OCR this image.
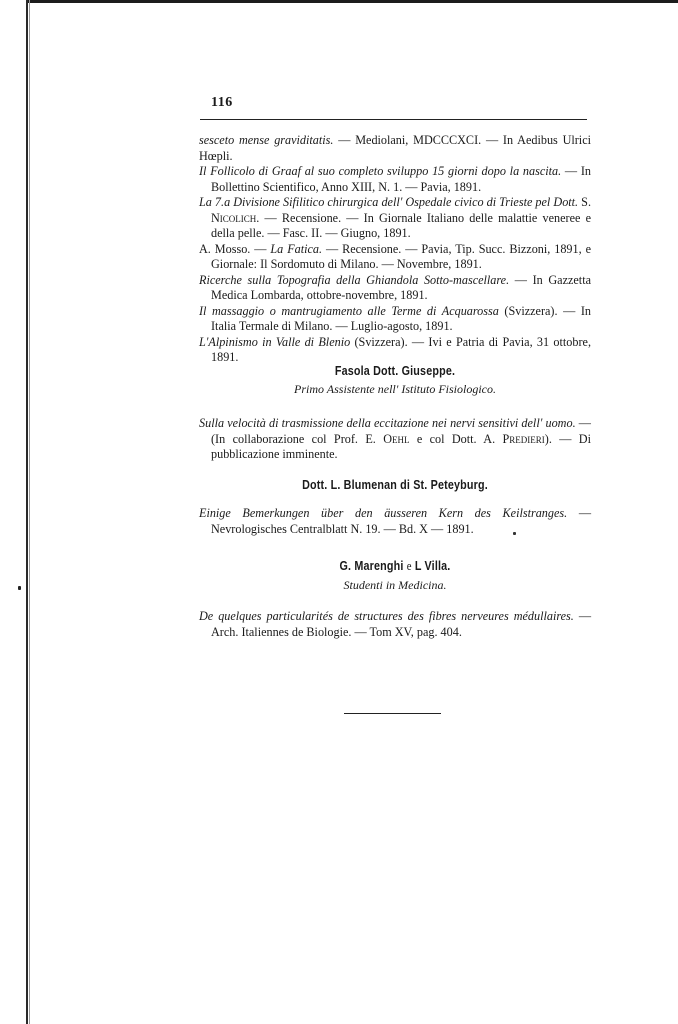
116

sesceto mense graviditatis. — Mediolani, MDCCCXCI. — In Aedibus Ulrici Hœpli.

Il Follicolo di Graaf al suo completo sviluppo 15 giorni dopo la nascita. — In Bollettino Scientifico, Anno XIII, N. 1. — Pavia, 1891.

La 7.a Divisione Sifilitico chirurgica dell' Ospedale civico di Trieste pel Dott. S. Nicolich. — Recensione. — In Giornale Italiano delle malattie veneree e della pelle. — Fasc. II. — Giugno, 1891.

A. Mosso. — La Fatica. — Recensione. — Pavia, Tip. Succ. Bizzoni, 1891, e Giornale: Il Sordomuto di Milano. — Novembre, 1891.

Ricerche sulla Topografia della Ghiandola Sotto-mascellare. — In Gazzetta Medica Lombarda, ottobre-novembre, 1891.

Il massaggio o mantrugiamento alle Terme di Acquarossa (Svizzera). — In Italia Termale di Milano. — Luglio-agosto, 1891.

L'Alpinismo in Valle di Blenio (Svizzera). — Ivi e Patria di Pavia, 31 ottobre, 1891.

Fasola Dott. Giuseppe.
Primo Assistente nell' Istituto Fisiologico.

Sulla velocità di trasmissione della eccitazione nei nervi sensitivi dell' uomo. — (In collaborazione col Prof. E. Oehl e col Dott. A. Predieri). — Di pubblicazione imminente.

Dott. L. Blumenan di St. Peteyburg.

Einige Bemerkungen über den äusseren Kern des Keilstranges. — Nevrologisches Centralblatt N. 19. — Bd. X — 1891.

G. Marenghi e L Villa.
Studenti in Medicina.

De quelques particularités de structures des fibres nerveures médullaires. — Arch. Italiennes de Biologie. — Tom XV, pag. 404.
